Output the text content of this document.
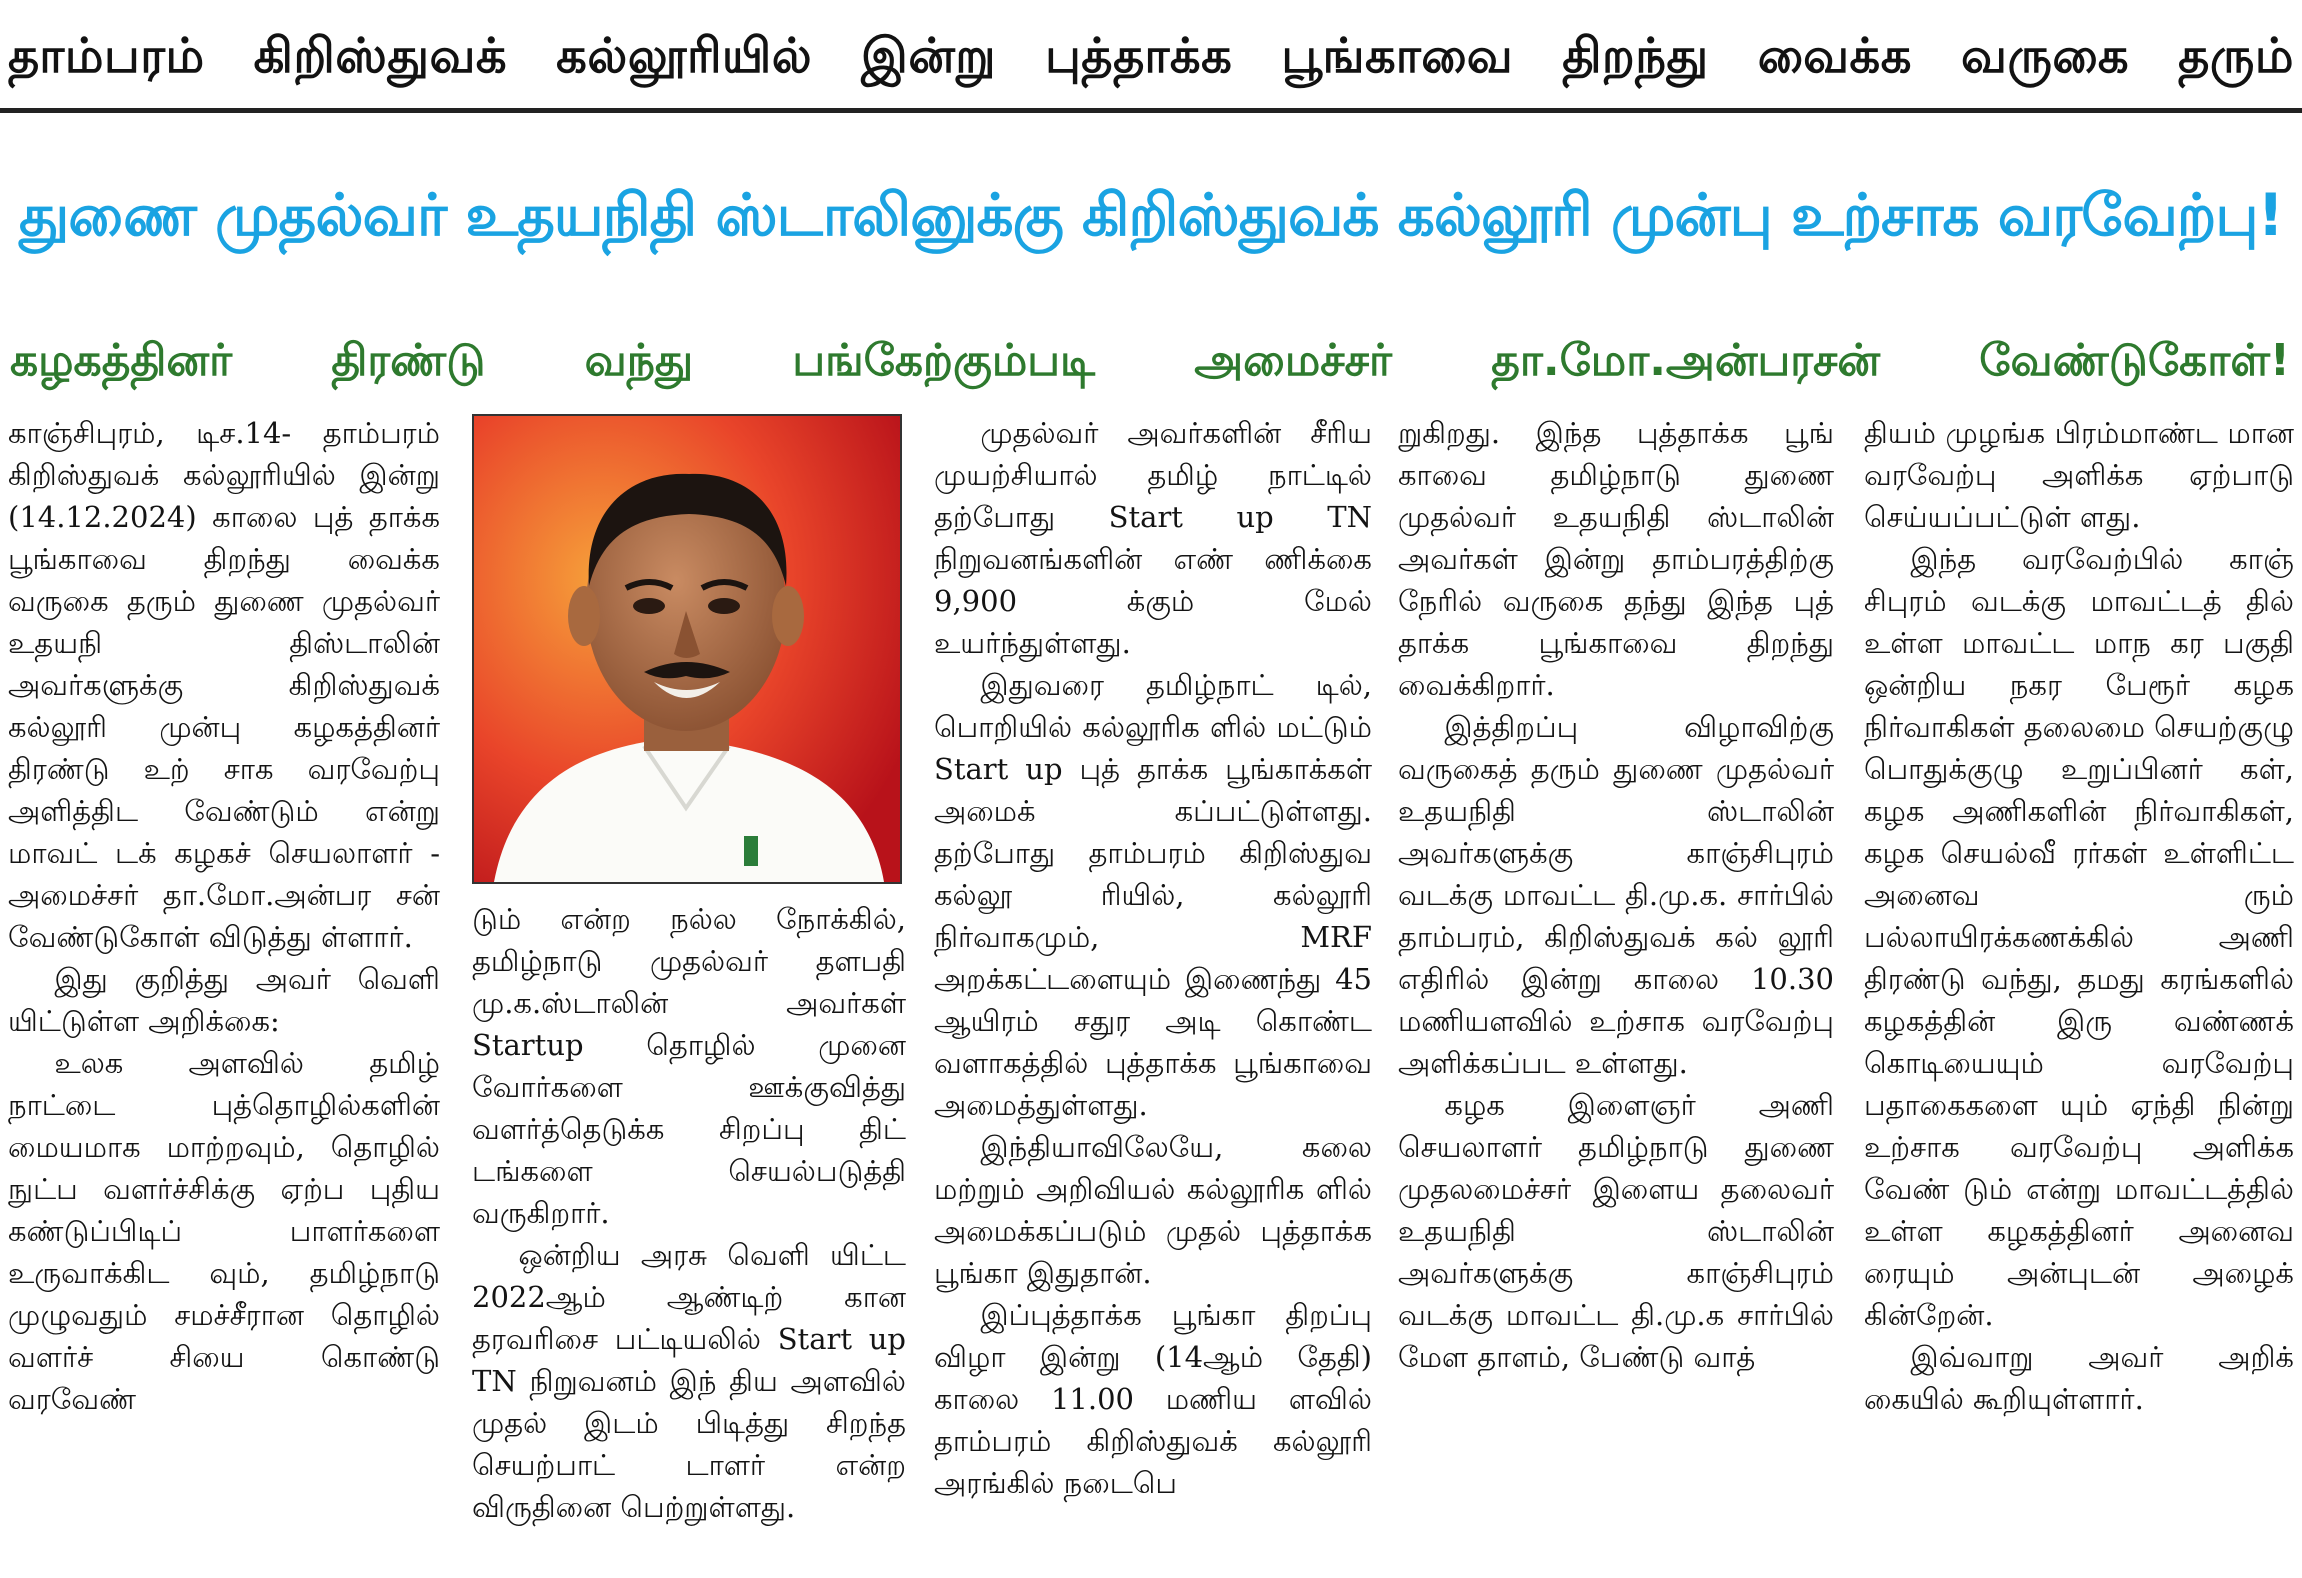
தாம்பரம் கிறிஸ்துவக் கல்லூரியில் இன்று புத்தாக்க பூங்காவை திறந்து வைக்க வருகை தரும்
துணை முதல்வர் உதயநிதி ஸ்டாலினுக்கு கிறிஸ்துவக் கல்லூரி முன்பு உற்சாக வரவேற்பு!
கழகத்தினர் திரண்டு வந்து பங்கேற்கும்படி அமைச்சர் தா.மோ.அன்பரசன் வேண்டுகோள்!

காஞ்சிபுரம், டிச.14- தாம்பரம் கிறிஸ்துவக் கல்லூரியில் இன்று (14.12.2024) காலை புத் தாக்க பூங்காவை திறந்து வைக்க வருகை தரும் துணை முதல்வர் உதயநி திஸ்டாலின் அவர்களுக்கு கிறிஸ்துவக் கல்லூரி முன்பு கழகத்தினர் திரண்டு உற் சாக வரவேற்பு அளித்திட வேண்டும் என்று மாவட் டக் கழகச் செயலாளர் - அமைச்சர் தா.மோ.அன்பர சன் வேண்டுகோள் விடுத்து ள்ளார்.

இது குறித்து அவர் வெளி யிட்டுள்ள அறிக்கை:

உலக அளவில் தமிழ் நாட்டை புத்தொழில்களின் மையமாக மாற்றவும், தொழில் நுட்ப வளர்ச்சிக்கு ஏற்ப புதிய கண்டுப்பிடிப் பாளர்களை உருவாக்கிட வும், தமிழ்நாடு முழுவதும் சமச்சீரான தொழில் வளர்ச் சியை கொண்டு வரவேண்

டும் என்ற நல்ல நோக்கில், தமிழ்நாடு முதல்வர் தளபதி மு.க.ஸ்டாலின் அவர்கள் Startup தொழில் முனை வோர்களை ஊக்குவித்து வளர்த்தெடுக்க சிறப்பு திட் டங்களை செயல்படுத்தி வருகிறார்.

ஒன்றிய அரசு வெளி யிட்ட 2022ஆம் ஆண்டிற் கான தரவரிசை பட்டியலில் Start up TN நிறுவனம் இந் திய அளவில் முதல் இடம் பிடித்து சிறந்த செயற்பாட் டாளர் என்ற விருதினை பெற்றுள்ளது.

முதல்வர் அவர்களின் சீரிய முயற்சியால் தமிழ் நாட்டில் தற்போது Start up TN நிறுவனங்களின் எண் ணிக்கை 9,900 க்கும் மேல் உயர்ந்துள்ளது.

இதுவரை தமிழ்நாட் டில், பொறியில் கல்லூரிக ளில் மட்டும் Start up புத் தாக்க பூங்காக்கள் அமைக் கப்பட்டுள்ளது. தற்போது தாம்பரம் கிறிஸ்துவ கல்லூ ரியில், கல்லூரி நிர்வாகமும், MRF அறக்கட்டளையும் இணைந்து 45 ஆயிரம் சதுர அடி கொண்ட வளாகத்தில் புத்தாக்க பூங்காவை அமைத்துள்ளது.

இந்தியாவிலேயே, கலை மற்றும் அறிவியல் கல்லூரிக ளில் அமைக்கப்படும் முதல் புத்தாக்க பூங்கா இதுதான்.

இப்புத்தாக்க பூங்கா திறப்பு விழா இன்று (14ஆம் தேதி) காலை 11.00 மணிய ளவில் தாம்பரம் கிறிஸ்துவக் கல்லூரி அரங்கில் நடைபெ

றுகிறது. இந்த புத்தாக்க பூங் காவை தமிழ்நாடு துணை முதல்வர் உதயநிதி ஸ்டாலின் அவர்கள் இன்று தாம்பரத்திற்கு நேரில் வருகை தந்து இந்த புத் தாக்க பூங்காவை திறந்து வைக்கிறார்.

இத்திறப்பு விழாவிற்கு வருகைத் தரும் துணை முதல்வர் உதயநிதி ஸ்டாலின் அவர்களுக்கு காஞ்சிபுரம் வடக்கு மாவட்ட தி.மு.க. சார்பில் தாம்பரம், கிறிஸ்துவக் கல் லூரி எதிரில் இன்று காலை 10.30 மணியளவில் உற்சாக வரவேற்பு அளிக்கப்பட உள்ளது.

கழக இளைஞர் அணி செயலாளர் தமிழ்நாடு துணை முதலமைச்சர் இளைய தலைவர் உதயநிதி ஸ்டாலின் அவர்களுக்கு காஞ்சிபுரம் வடக்கு மாவட்ட தி.மு.க சார்பில் மேள தாளம், பேண்டு வாத்

தியம் முழங்க பிரம்மாண்ட மான வரவேற்பு அளிக்க ஏற்பாடு செய்யப்பட்டுள் ளது.

இந்த வரவேற்பில் காஞ் சிபுரம் வடக்கு மாவட்டத் தில் உள்ள மாவட்ட மாந கர பகுதி ஒன்றிய நகர பேரூர் கழக நிர்வாகிகள் தலைமை செயற்குழு பொதுக்குழு உறுப்பினர் கள், கழக அணிகளின் நிர்வாகிகள், கழக செயல்வீ ரர்கள் உள்ளிட்ட அனைவ ரும் பல்லாயிரக்கணக்கில் அணி திரண்டு வந்து, தமது கரங்களில் கழகத்தின் இரு வண்ணக் கொடியையும் வரவேற்பு பதாகைகளை யும் ஏந்தி நின்று உற்சாக வரவேற்பு அளிக்க வேண் டும் என்று மாவட்டத்தில் உள்ள கழகத்தினர் அனைவ ரையும் அன்புடன் அழைக் கின்றேன்.

இவ்வாறு அவர் அறிக் கையில் கூறியுள்ளார்.
